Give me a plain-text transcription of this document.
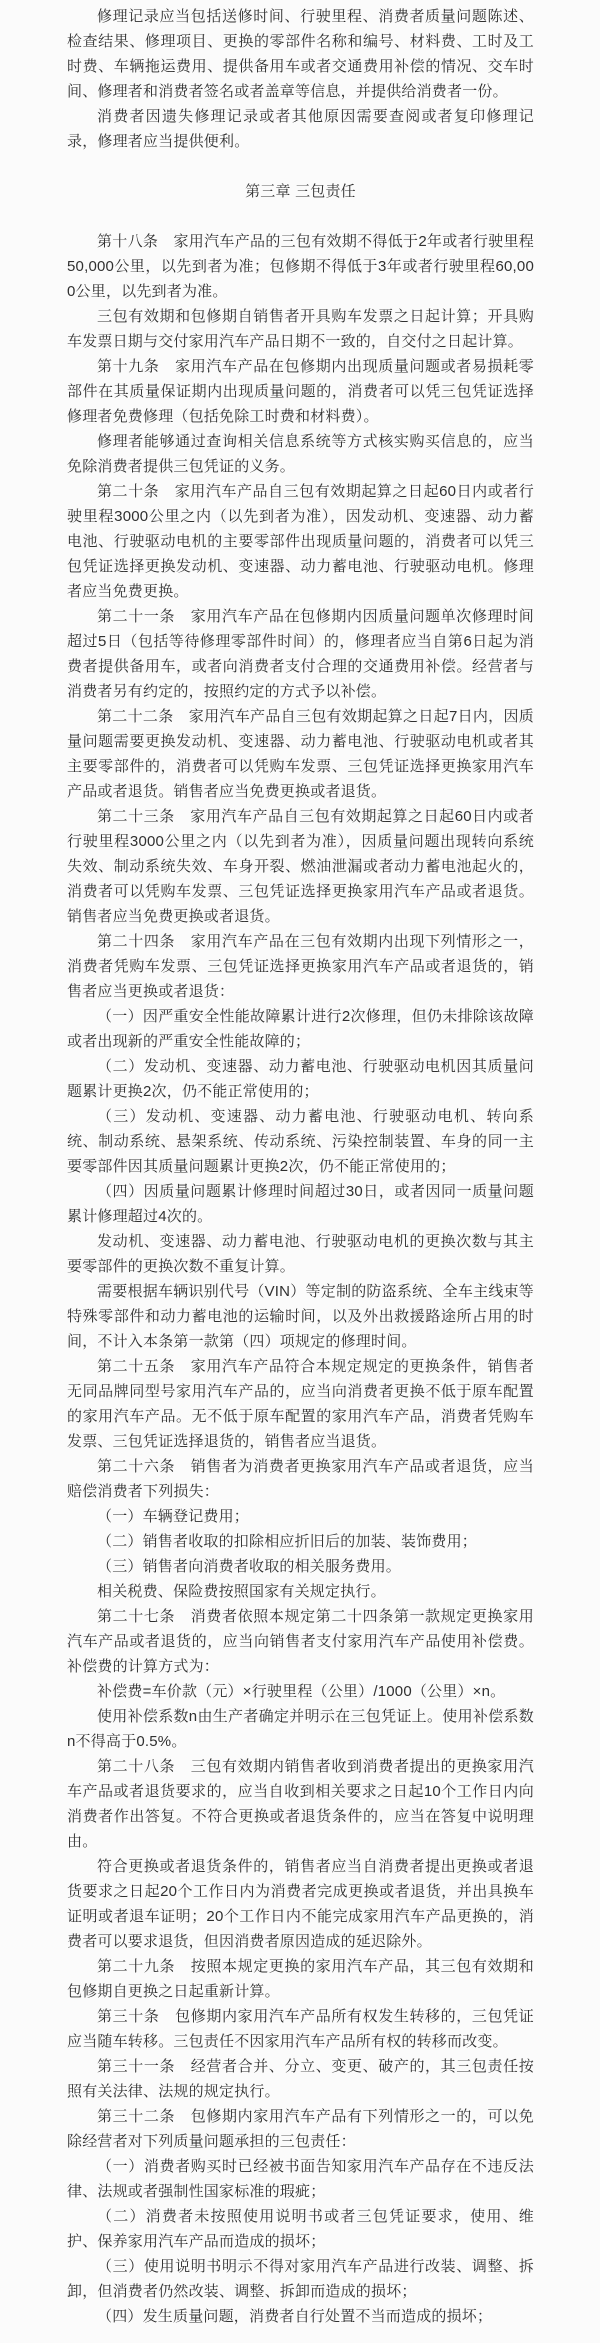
修理记录应当包括送修时间、行驶里程、消费者质量问题陈述、检查结果、修理项目、更换的零部件名称和编号、材料费、工时及工时费、车辆拖运费用、提供备用车或者交通费用补偿的情况、交车时间、修理者和消费者签名或者盖章等信息，并提供给消费者一份。

消费者因遗失修理记录或者其他原因需要查阅或者复印修理记录，修理者应当提供便利。

第三章 三包责任

第十八条　家用汽车产品的三包有效期不得低于2年或者行驶里程50,000公里，以先到者为准；包修期不得低于3年或者行驶里程60,000公里，以先到者为准。

三包有效期和包修期自销售者开具购车发票之日起计算；开具购车发票日期与交付家用汽车产品日期不一致的，自交付之日起计算。

第十九条　家用汽车产品在包修期内出现质量问题或者易损耗零部件在其质量保证期内出现质量问题的，消费者可以凭三包凭证选择修理者免费修理（包括免除工时费和材料费）。

修理者能够通过查询相关信息系统等方式核实购买信息的，应当免除消费者提供三包凭证的义务。

第二十条　家用汽车产品自三包有效期起算之日起60日内或者行驶里程3000公里之内（以先到者为准），因发动机、变速器、动力蓄电池、行驶驱动电机的主要零部件出现质量问题的，消费者可以凭三包凭证选择更换发动机、变速器、动力蓄电池、行驶驱动电机。修理者应当免费更换。

第二十一条　家用汽车产品在包修期内因质量问题单次修理时间超过5日（包括等待修理零部件时间）的，修理者应当自第6日起为消费者提供备用车，或者向消费者支付合理的交通费用补偿。经营者与消费者另有约定的，按照约定的方式予以补偿。

第二十二条　家用汽车产品自三包有效期起算之日起7日内，因质量问题需要更换发动机、变速器、动力蓄电池、行驶驱动电机或者其主要零部件的，消费者可以凭购车发票、三包凭证选择更换家用汽车产品或者退货。销售者应当免费更换或者退货。

第二十三条　家用汽车产品自三包有效期起算之日起60日内或者行驶里程3000公里之内（以先到者为准），因质量问题出现转向系统失效、制动系统失效、车身开裂、燃油泄漏或者动力蓄电池起火的，消费者可以凭购车发票、三包凭证选择更换家用汽车产品或者退货。销售者应当免费更换或者退货。

第二十四条　家用汽车产品在三包有效期内出现下列情形之一，消费者凭购车发票、三包凭证选择更换家用汽车产品或者退货的，销售者应当更换或者退货：

（一）因严重安全性能故障累计进行2次修理，但仍未排除该故障或者出现新的严重安全性能故障的；

（二）发动机、变速器、动力蓄电池、行驶驱动电机因其质量问题累计更换2次，仍不能正常使用的；

（三）发动机、变速器、动力蓄电池、行驶驱动电机、转向系统、制动系统、悬架系统、传动系统、污染控制装置、车身的同一主要零部件因其质量问题累计更换2次，仍不能正常使用的；

（四）因质量问题累计修理时间超过30日，或者因同一质量问题累计修理超过4次的。

发动机、变速器、动力蓄电池、行驶驱动电机的更换次数与其主要零部件的更换次数不重复计算。

需要根据车辆识别代号（VIN）等定制的防盗系统、全车主线束等特殊零部件和动力蓄电池的运输时间，以及外出救援路途所占用的时间，不计入本条第一款第（四）项规定的修理时间。

第二十五条　家用汽车产品符合本规定规定的更换条件，销售者无同品牌同型号家用汽车产品的，应当向消费者更换不低于原车配置的家用汽车产品。无不低于原车配置的家用汽车产品，消费者凭购车发票、三包凭证选择退货的，销售者应当退货。

第二十六条　销售者为消费者更换家用汽车产品或者退货，应当赔偿消费者下列损失：

（一）车辆登记费用；

（二）销售者收取的扣除相应折旧后的加装、装饰费用；

（三）销售者向消费者收取的相关服务费用。

相关税费、保险费按照国家有关规定执行。

第二十七条　消费者依照本规定第二十四条第一款规定更换家用汽车产品或者退货的，应当向销售者支付家用汽车产品使用补偿费。补偿费的计算方式为：

补偿费=车价款（元）×行驶里程（公里）/1000（公里）×n。

使用补偿系数n由生产者确定并明示在三包凭证上。使用补偿系数n不得高于0.5%。

第二十八条　三包有效期内销售者收到消费者提出的更换家用汽车产品或者退货要求的，应当自收到相关要求之日起10个工作日内向消费者作出答复。不符合更换或者退货条件的，应当在答复中说明理由。

符合更换或者退货条件的，销售者应当自消费者提出更换或者退货要求之日起20个工作日内为消费者完成更换或者退货，并出具换车证明或者退车证明；20个工作日内不能完成家用汽车产品更换的，消费者可以要求退货，但因消费者原因造成的延迟除外。

第二十九条　按照本规定更换的家用汽车产品，其三包有效期和包修期自更换之日起重新计算。

第三十条　包修期内家用汽车产品所有权发生转移的，三包凭证应当随车转移。三包责任不因家用汽车产品所有权的转移而改变。

第三十一条　经营者合并、分立、变更、破产的，其三包责任按照有关法律、法规的规定执行。

第三十二条　包修期内家用汽车产品有下列情形之一的，可以免除经营者对下列质量问题承担的三包责任：

（一）消费者购买时已经被书面告知家用汽车产品存在不违反法律、法规或者强制性国家标准的瑕疵；

（二）消费者未按照使用说明书或者三包凭证要求，使用、维护、保养家用汽车产品而造成的损坏；

（三）使用说明书明示不得对家用汽车产品进行改装、调整、拆卸，但消费者仍然改装、调整、拆卸而造成的损坏；

（四）发生质量问题，消费者自行处置不当而造成的损坏；
